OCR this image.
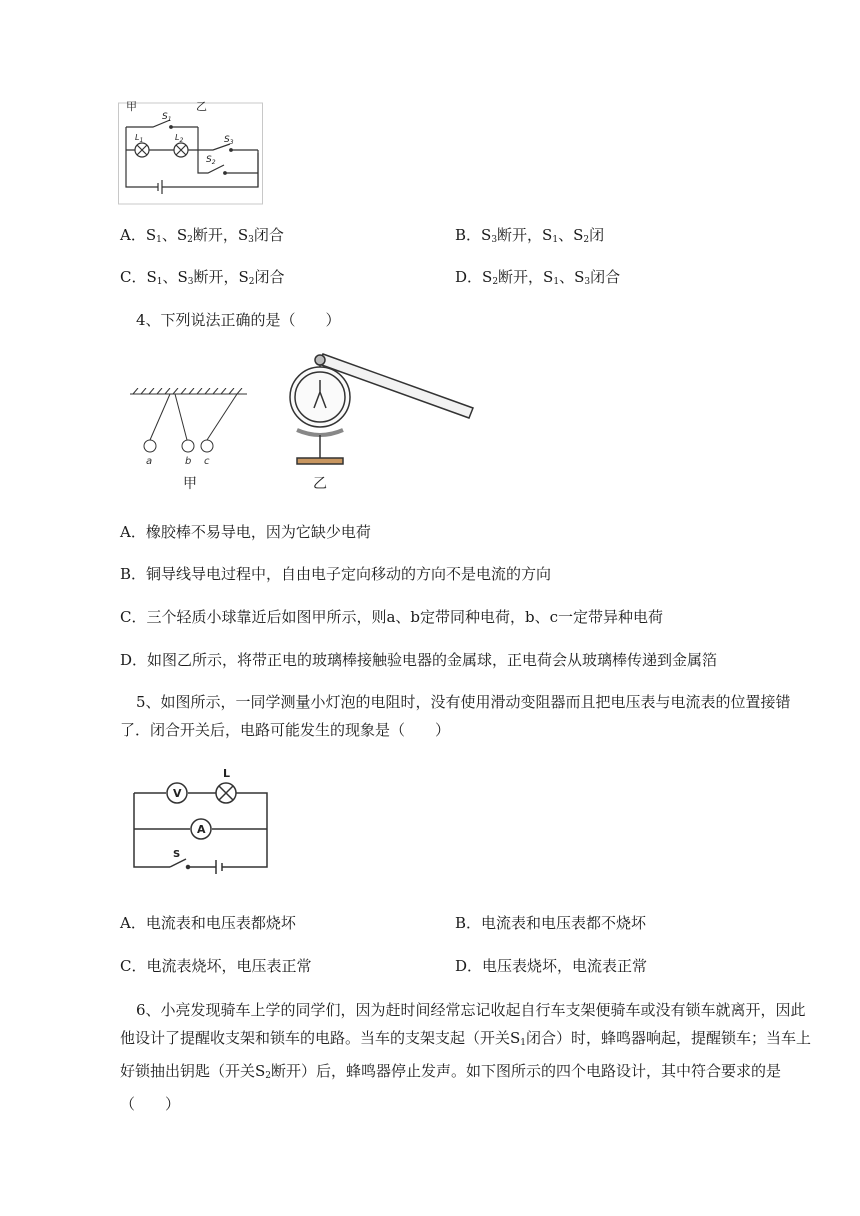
甲	乙
$S_1$
$L_1$	$L_2$	$S_3$
$S_2$
A．$S_1$、$S_2$断开，$S_3$闭合	B．$S_3$断开，$S_1$、$S_2$闭
C．$S_1$、$S_3$断开，$S_2$闭合	D．$S_2$断开，$S_1$、$S_3$闭合
4、下列说法正确的是（　　）
a	b c
甲	乙
A．橡胶棒不易导电，因为它缺少电荷
B．铜导线导电过程中，自由电子定向移动的方向不是电流的方向
C．三个轻质小球靠近后如图甲所示，则a、b定带同种电荷，b、c一定带异种电荷
D．如图乙所示，将带正电的玻璃棒接触验电器的金属球，正电荷会从玻璃棒传递到金属箔
5、如图所示，一同学测量小灯泡的电阻时，没有使用滑动变阻器而且把电压表与电流表的位置接错了．闭合开关后，电路可能发生的现象是（　　）
V
A
L
S
A．电流表和电压表都烧坏	B．电流表和电压表都不烧坏
C．电流表烧坏，电压表正常	D．电压表烧坏，电流表正常
6、小亮发现骑车上学的同学们，因为赶时间经常忘记收起自行车支架便骑车或没有锁车就离开，因此他设计了提醒收支架和锁车的电路。当车的支架支起（开关$S_1$闭合）时，蜂鸣器响起，提醒锁车；当车上好锁抽出钥匙（开关$S_2$断开）后，蜂鸣器停止发声。如下图所示的四个电路设计，其中符合要求的是（　　）
